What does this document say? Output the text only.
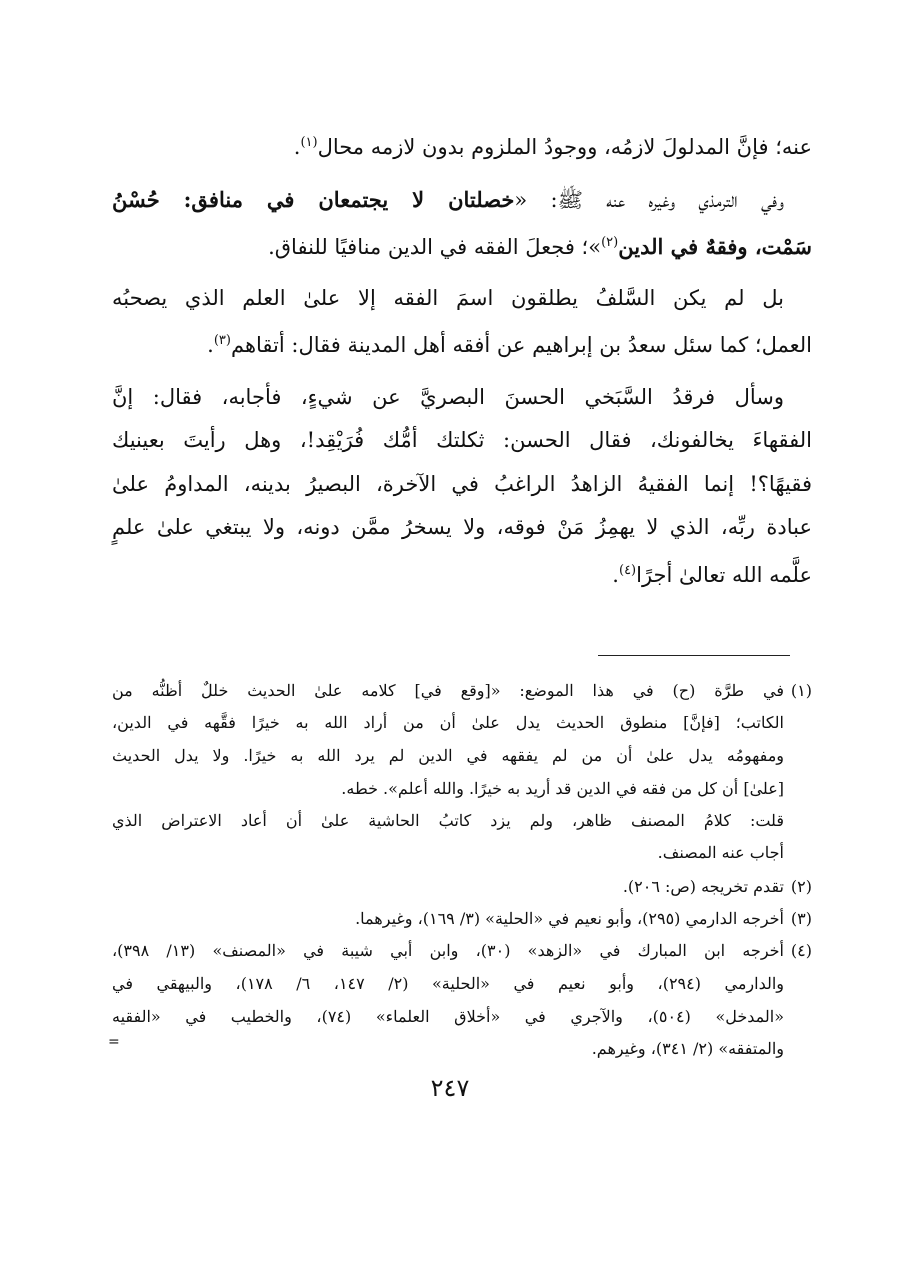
عنه؛ فإنَّ المدلولَ لازمُه، ووجودُ الملزوم بدون لازمه محال$^{(١)}$.
وفي الترمذي وغيره عنه ﷺ: «خصلتان لا يجتمعان في منافق: حُسْنُ
سَمْت، وفقهٌ في الدين$^{(٢)}$»؛ فجعلَ الفقه في الدين منافيًا للنفاق.
بل لم يكن السَّلفُ يطلقون اسمَ الفقه إلا علىٰ العلم الذي يصحبُه
العمل؛ كما سئل سعدُ بن إبراهيم عن أفقه أهل المدينة فقال: أتقاهم$^{(٣)}$.
وسأل فرقدُ السَّبَخي الحسنَ البصريَّ عن شيءٍ، فأجابه، فقال: إنَّ
الفقهاءَ يخالفونك، فقال الحسن: ثكلتك أمُّك فُرَيْقِد!، وهل رأيتَ بعينيك
فقيهًا؟! إنما الفقيهُ الزاهدُ الراغبُ في الآخرة، البصيرُ بدينه، المداومُ علىٰ
عبادة ربِّه، الذي لا يهمِزُ مَنْ فوقه، ولا يسخرُ ممَّن دونه، ولا يبتغي علىٰ علمٍ
علَّمه الله تعالىٰ أجرًا$^{(٤)}$.
(١)
في طرَّة (ح) في هذا الموضع: «[وقع في] كلامه علىٰ الحديث خللٌ أظنُّه من
الكاتب؛ [فإنَّ] منطوق الحديث يدل علىٰ أن من أراد الله به خيرًا فقَّهه في الدين،
ومفهومُه يدل علىٰ أن من لم يفقهه في الدين لم يرد الله به خيرًا. ولا يدل الحديث
[علىٰ] أن كل من فقه في الدين قد أريد به خيرًا. والله أعلم». خطه.
قلت: كلامُ المصنف ظاهر، ولم يزد كاتبُ الحاشية علىٰ أن أعاد الاعتراض الذي
أجاب عنه المصنف.
(٢)
تقدم تخريجه (ص: ٢٠٦).
(٣)
أخرجه الدارمي (٢٩٥)، وأبو نعيم في «الحلية» (٣/ ١٦٩)، وغيرهما.
(٤)
أخرجه ابن المبارك في «الزهد» (٣٠)، وابن أبي شيبة في «المصنف» (١٣/ ٣٩٨)،
والدارمي (٢٩٤)، وأبو نعيم في «الحلية» (٢/ ١٤٧، ٦/ ١٧٨)، والبيهقي في
«المدخل» (٥٠٤)، والآجري في «أخلاق العلماء» (٧٤)، والخطيب في «الفقيه
والمتفقه» (٢/ ٣٤١)، وغيرهم.
=
٢٤٧
